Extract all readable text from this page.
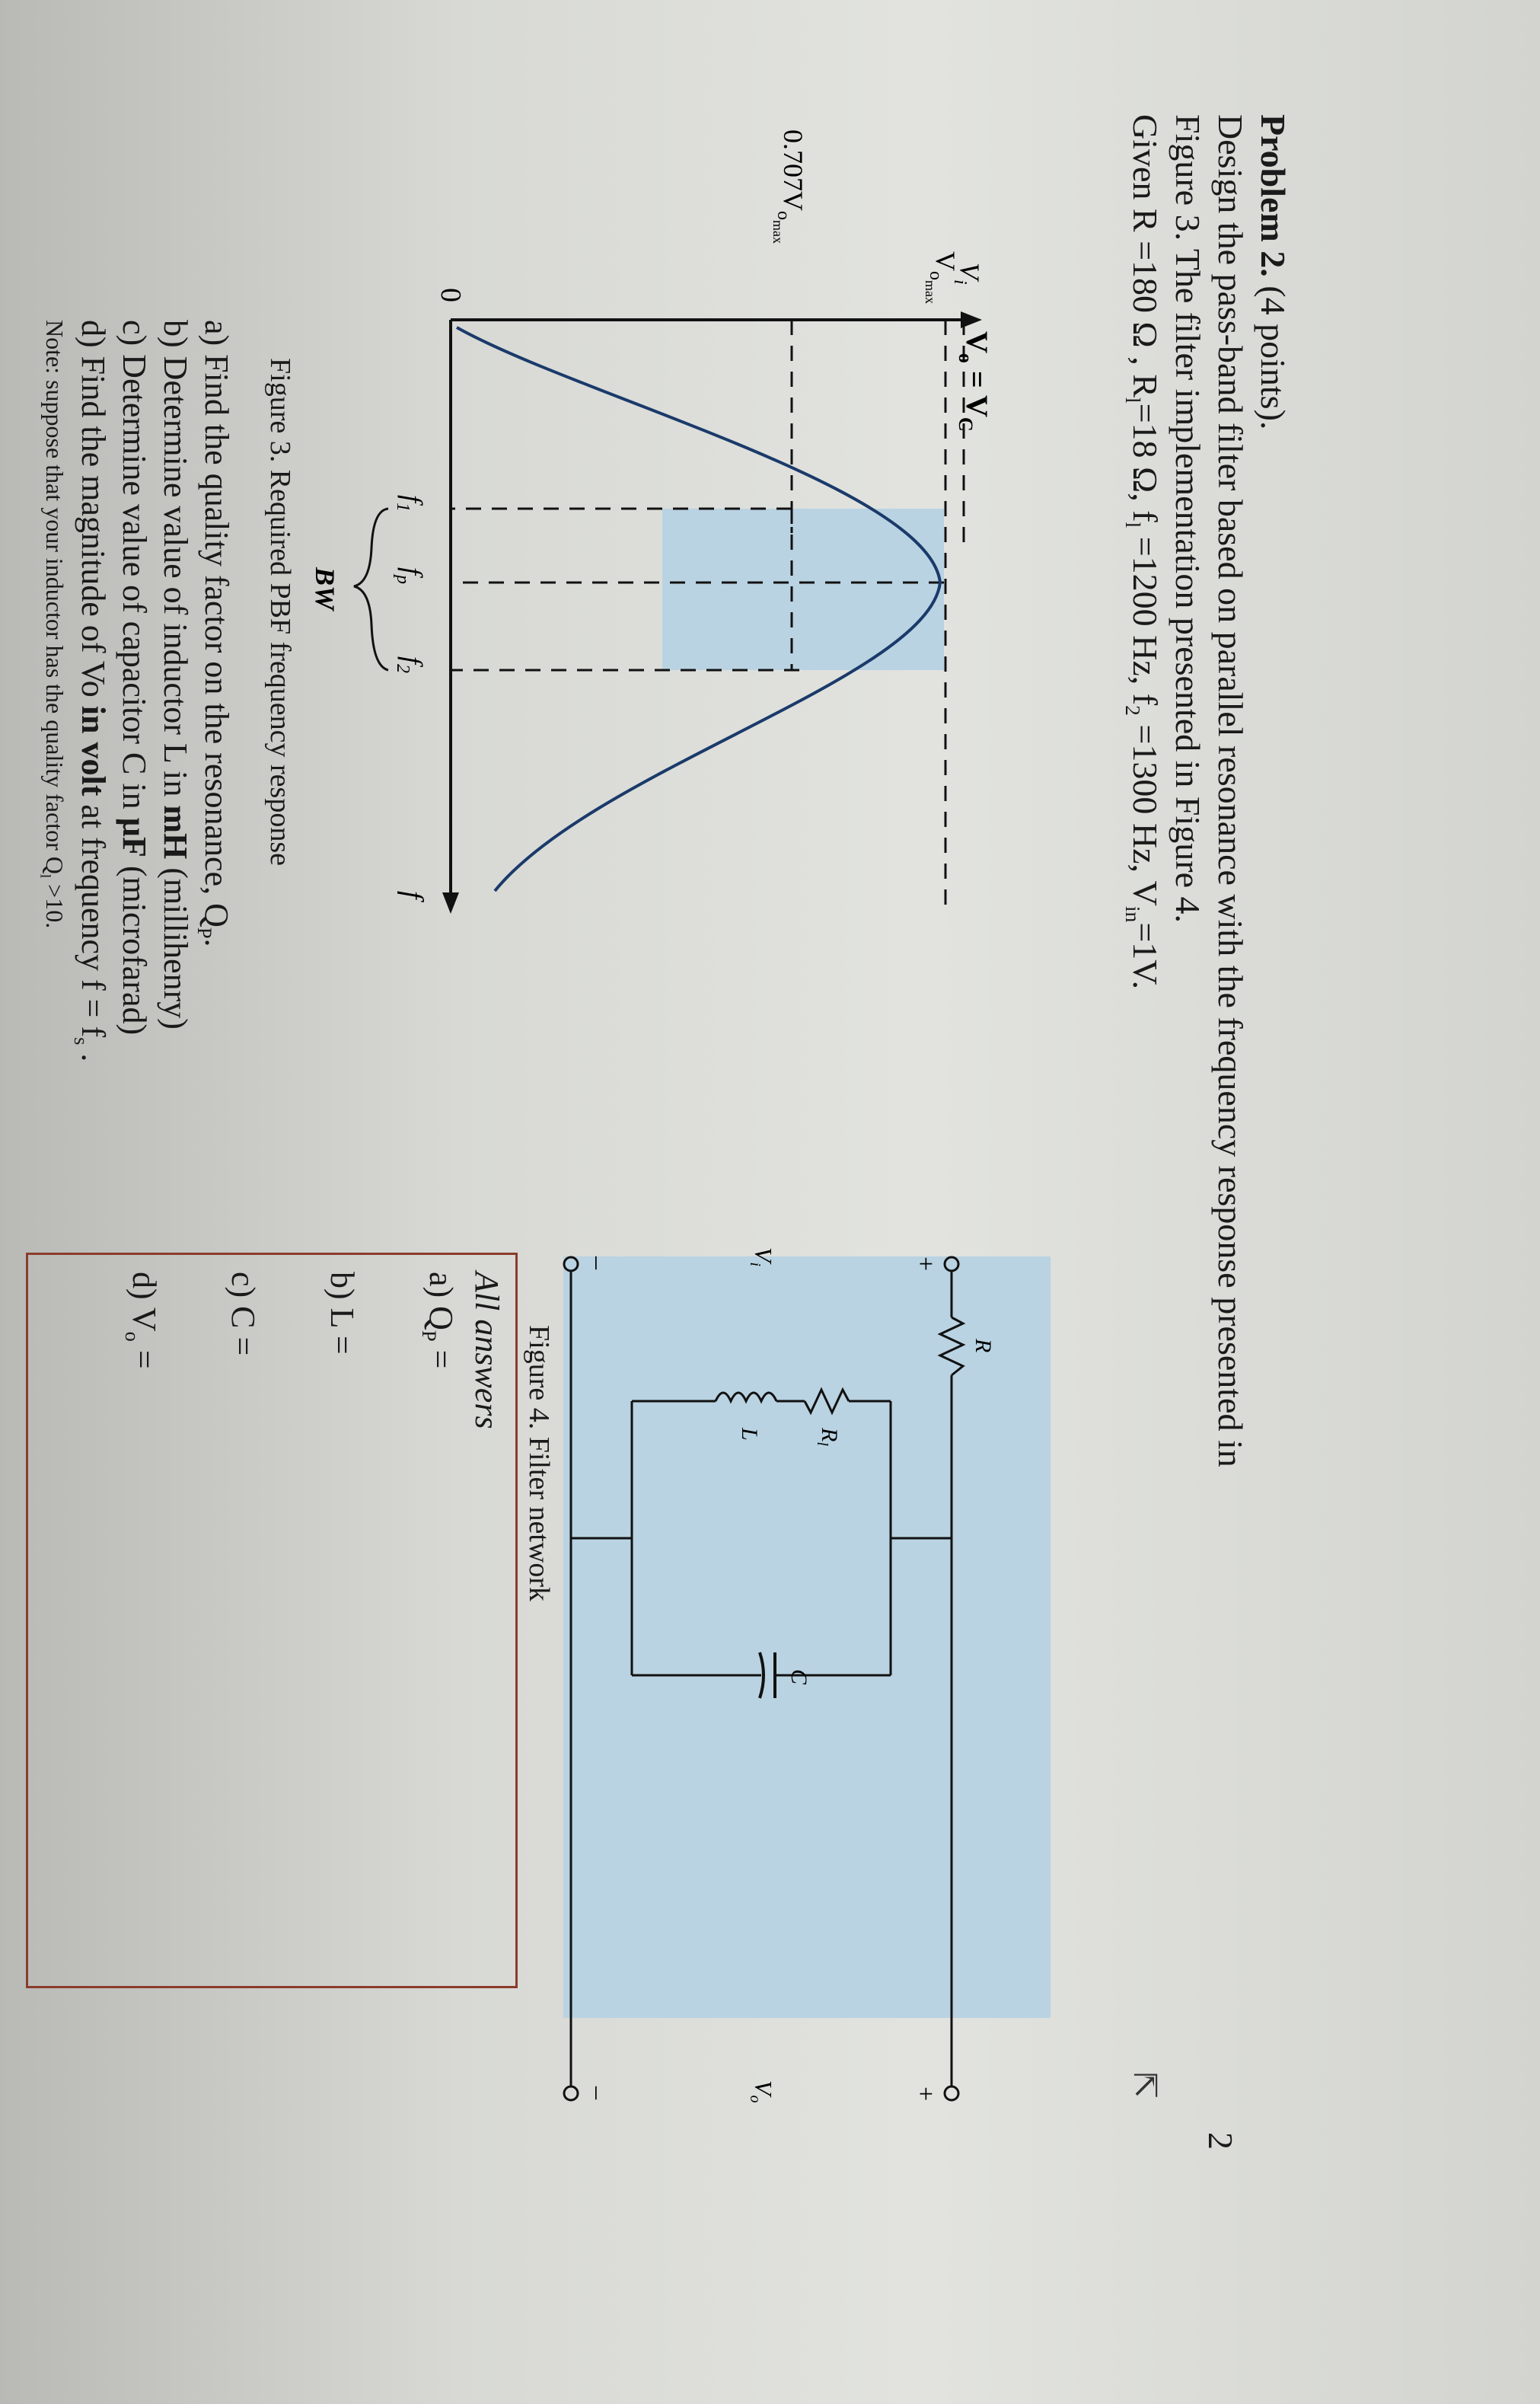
Problem 2. (4 points).
Design the pass-band filter based on parallel resonance with the frequency response presented in
Figure 3. The filter implementation presented in Figure 4.
Given R =180 Ω , $R_l=18$ Ω, $f_l =1200$ Hz, $f_2 =1300$ Hz, $V_{in}=1V$.
$V_o = V_C$
$V_i$
$V_o\max$
$0.707V_o\max$
0
$f_1$
$f_p$
$f_2$
f
BW
Figure 3. Required PBF frequency response
R
$R_l$
L
C
Vi
Vo
+
–
+
–
Figure 4. Filter network
a) Find the quality factor on the resonance, $Q_P$.
b) Determine value of inductor L in mH (millihenry)
c) Determine value of capacitor C in µF (microfarad)
d) Find the magnitude of Vo in volt at frequency $f = f_s$ .
Note: suppose that your inductor has the quality factor $Q_l >10$.
All answers
a) $Q_P$ =
b) L =
c) C =
d) $V_o$ =
2
⇱
